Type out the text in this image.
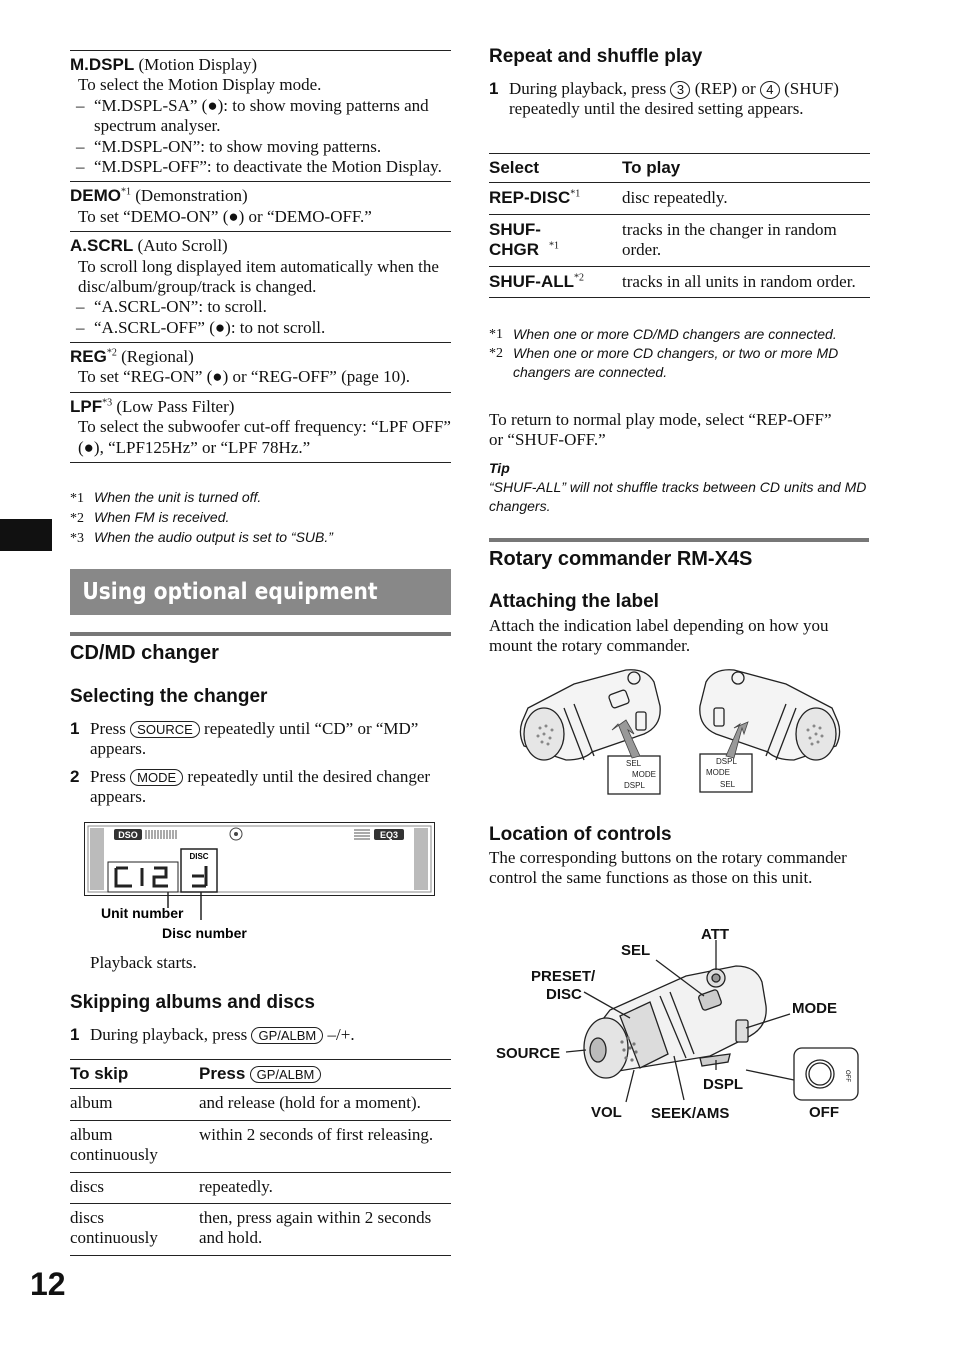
M.DSPL (Motion Display)
To select the Motion Display mode.
– “M.DSPL-SA” (●): to show moving patterns and spectrum analyser.
– “M.DSPL-ON”: to show moving patterns.
– “M.DSPL-OFF”: to deactivate the Motion Display.
DEMO$^{*1}$ (Demonstration)
To set “DEMO-ON” (●) or “DEMO-OFF.”
A.SCRL (Auto Scroll)
To scroll long displayed item automatically when the disc/album/group/track is changed.
– “A.SCRL-ON”: to scroll.
– “A.SCRL-OFF” (●): to not scroll.
REG$^{*2}$ (Regional)
To set “REG-ON” (●) or “REG-OFF” (page 10).
LPF$^{*3}$ (Low Pass Filter)
To select the subwoofer cut-off frequency: “LPF OFF” (●), “LPF125Hz” or “LPF 78Hz.”
*1 When the unit is turned off.
*2 When FM is received.
*3 When the audio output is set to “SUB.”
Using optional equipment
CD/MD changer
Selecting the changer
1 Press SOURCE repeatedly until “CD” or “MD” appears.
2 Press MODE repeatedly until the desired changer appears.
DSO	EQ3
DISC
Unit number
Disc number
Playback starts.
Skipping albums and discs
1 During playback, press GP/ALBM –/+.
To skip	Press GP/ALBM
album	and release (hold for a moment).
album continuously	within 2 seconds of first releasing.
discs	repeatedly.
discs continuously	then, press again within 2 seconds and hold.
12
Repeat and shuffle play
1 During playback, press 3 (REP) or 4 (SHUF) repeatedly until the desired setting appears.
Select	To play
REP-DISC$^{*1}$	disc repeatedly.
SHUF-CHGR $^{*1}$	tracks in the changer in random order.
SHUF-ALL$^{*2}$	tracks in all units in random order.
*1 When one or more CD/MD changers are connected.
*2 When one or more CD changers, or two or more MD changers are connected.
To return to normal play mode, select “REP-OFF” or “SHUF-OFF.”
Tip
“SHUF-ALL” will not shuffle tracks between CD units and MD changers.
Rotary commander RM-X4S
Attaching the label
Attach the indication label depending on how you mount the rotary commander.
SEL
MODE
DSPL
DSPL
MODE
SEL
Location of controls
The corresponding buttons on the rotary commander control the same functions as those on this unit.
ATT
SEL
PRESET/
DISC
MODE
SOURCE
DSPL
VOL SEEK/AMS	OFF
OFF
